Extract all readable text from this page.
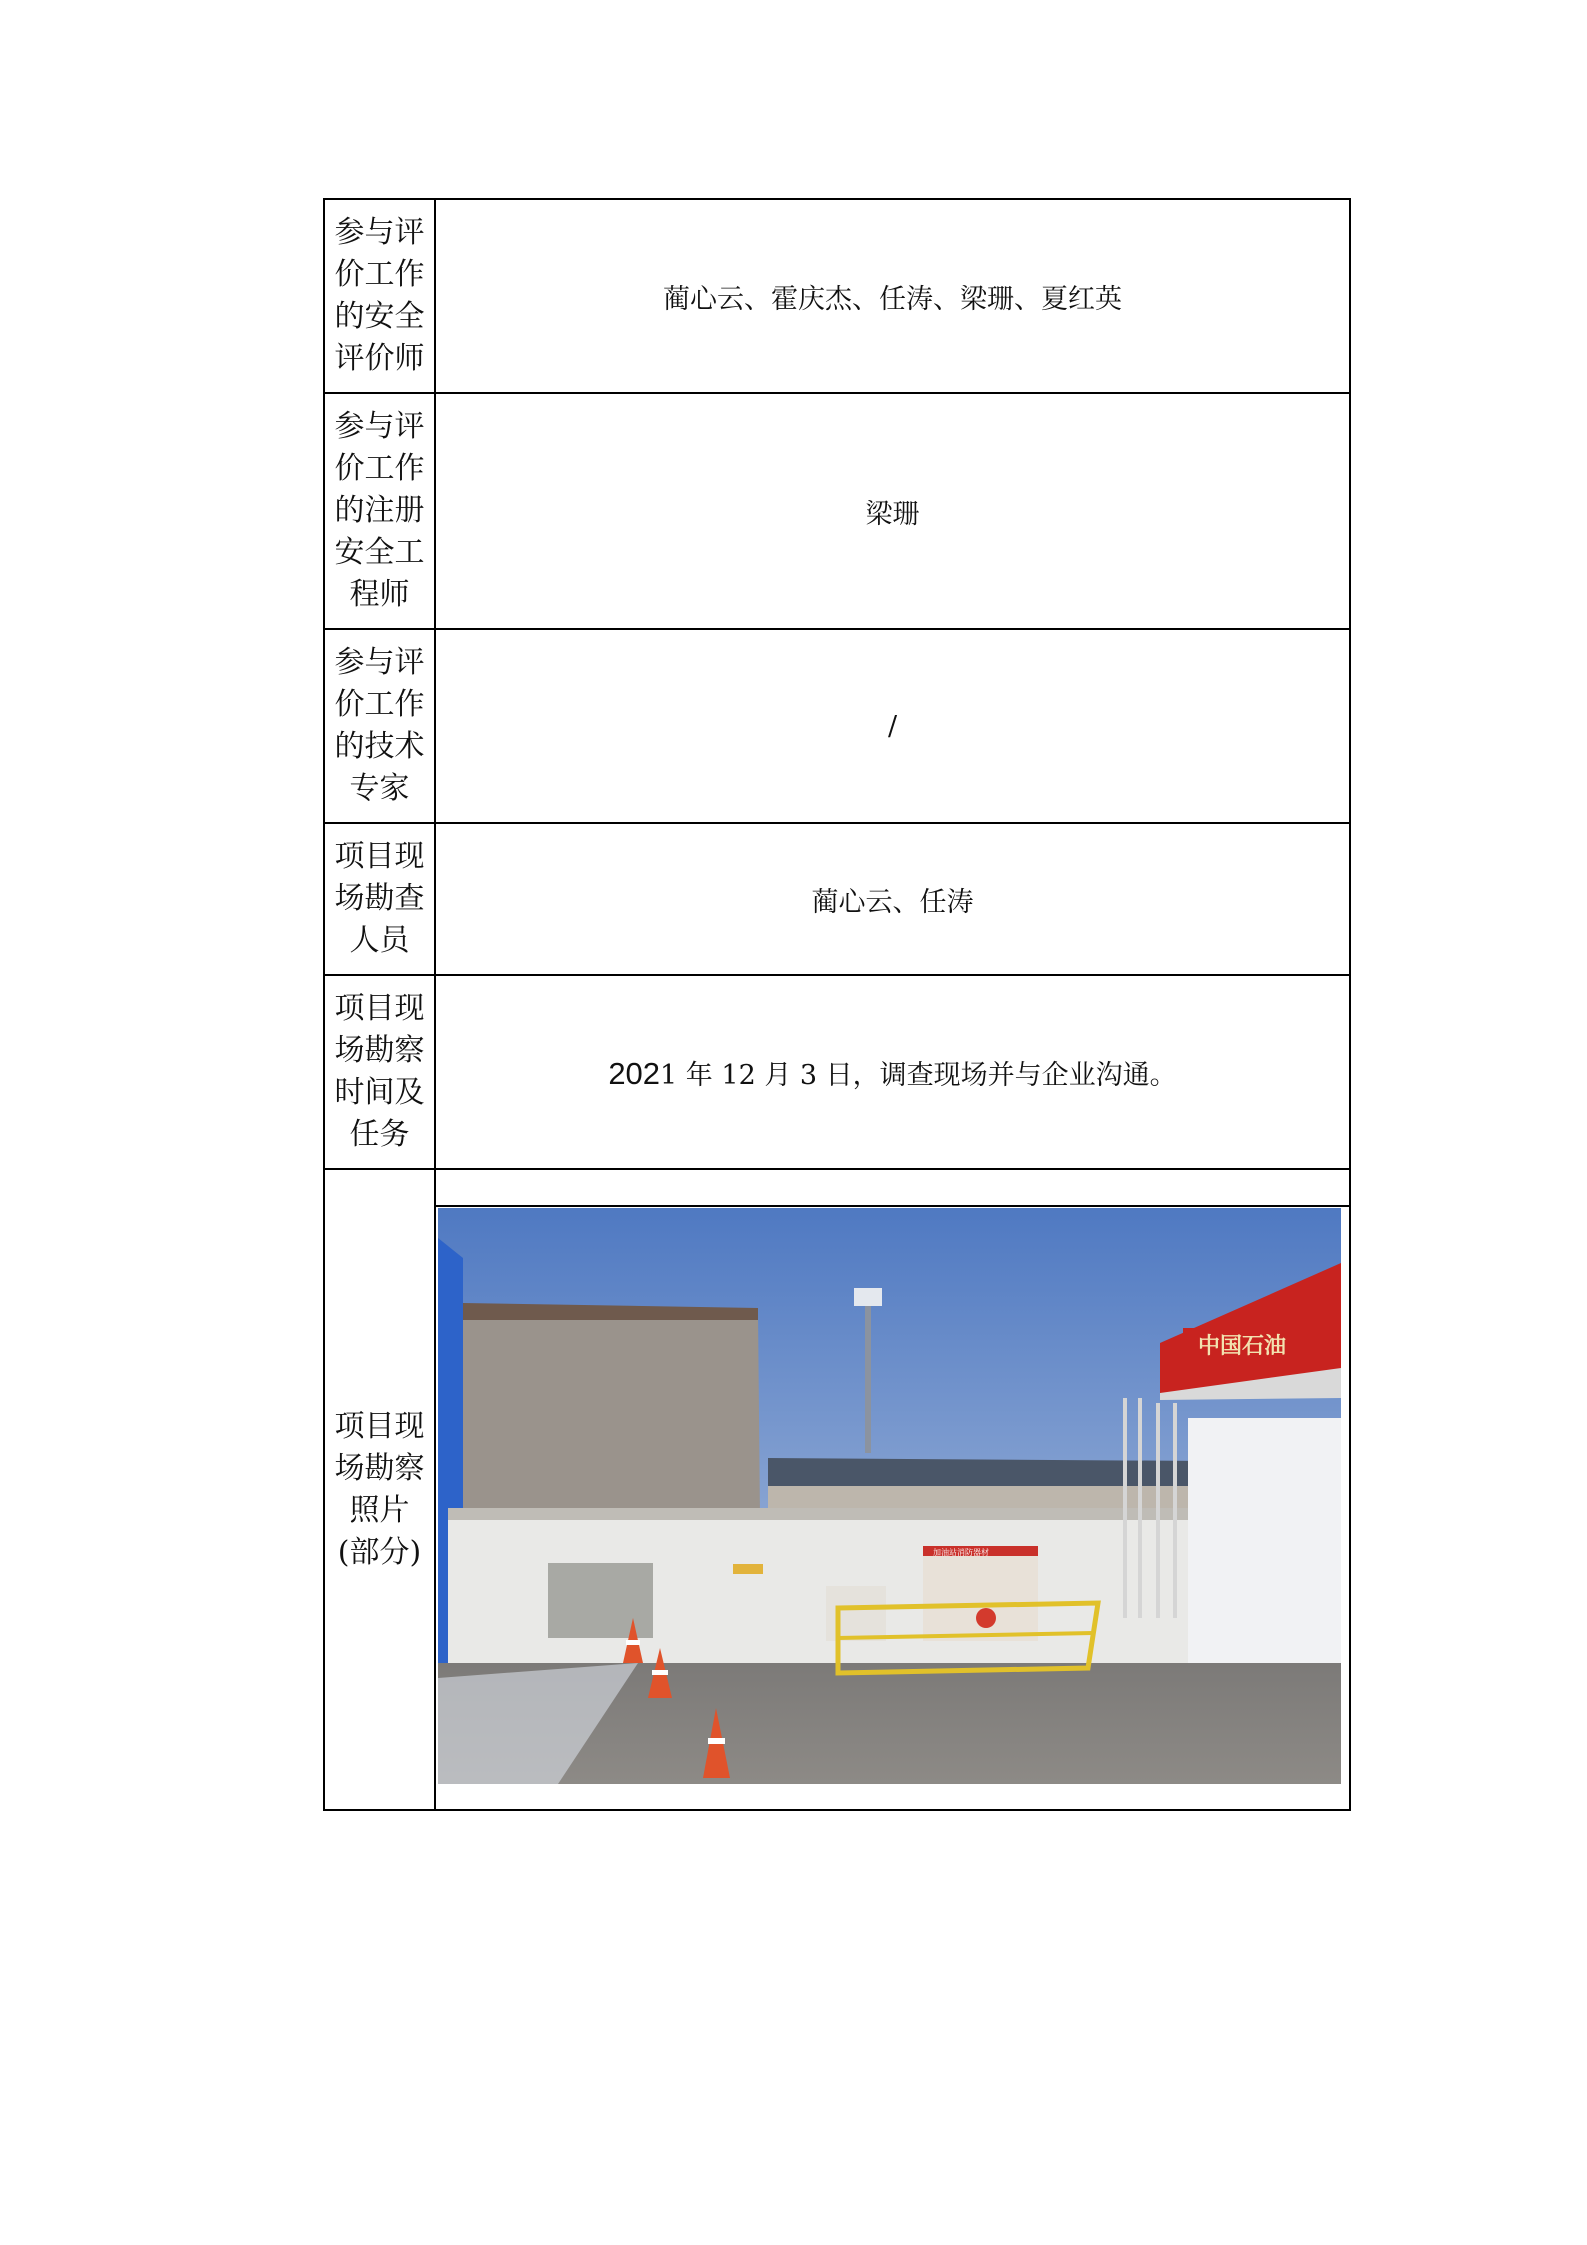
参与评价工作的安全评价师	蔺心云、霍庆杰、任涛、梁珊、夏红英
参与评价工作的注册安全工程师	梁珊
参与评价工作的技术专家	/
项目现场勘查人员	蔺心云、任涛
项目现场勘察时间及任务	2021 年 12 月 3 日，调查现场并与企业沟通。
项目现场勘察照片(部分)	中国石油
加油站消防器材
